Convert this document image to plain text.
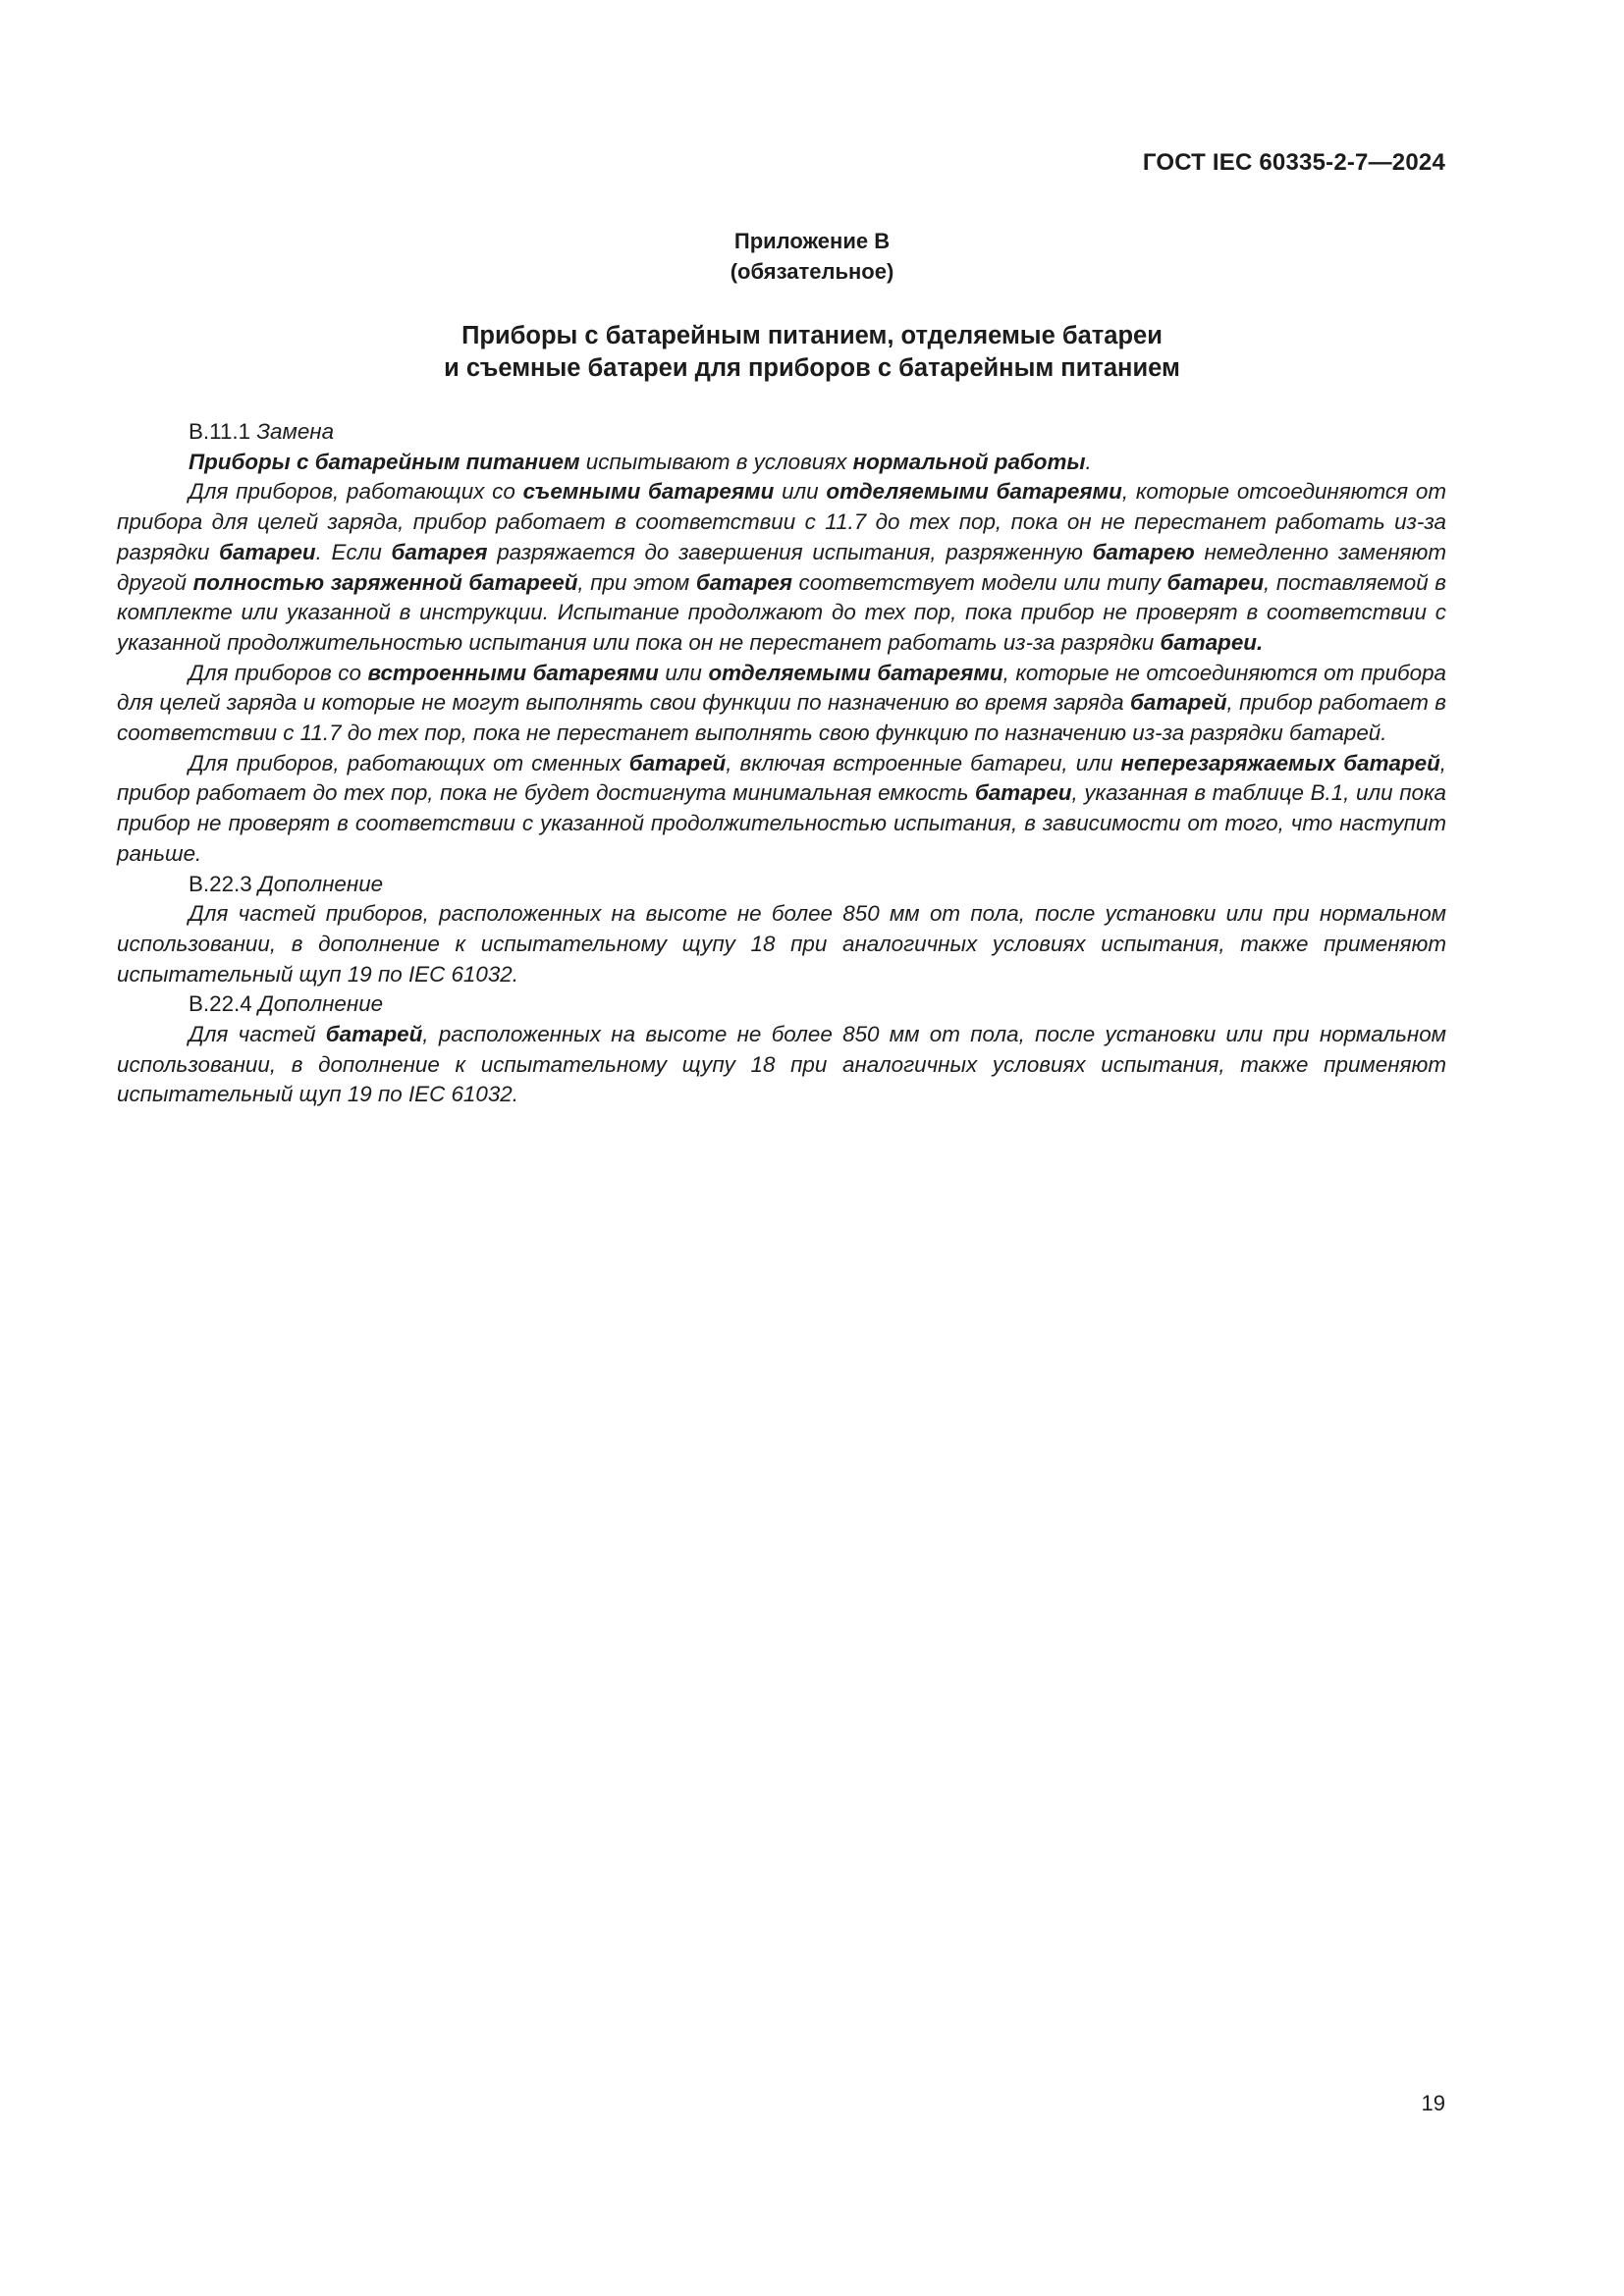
ГОСТ IEC 60335-2-7—2024
Приложение В
(обязательное)
Приборы с батарейным питанием, отделяемые батареи
и съемные батареи для приборов с батарейным питанием

В.11.1 Замена

Приборы с батарейным питанием испытывают в условиях нормальной работы.

Для приборов, работающих со съемными батареями или отделяемыми батареями, которые отсоединяются от прибора для целей заряда, прибор работает в соответствии с 11.7 до тех пор, пока он не перестанет работать из-за разрядки батареи. Если батарея разряжается до завершения испытания, разряженную батарею немедленно заменяют другой полностью заряженной батареей, при этом батарея соответствует модели или типу батареи, поставляемой в комплекте или указанной в инструкции. Испытание продолжают до тех пор, пока прибор не проверят в соответствии с указанной продолжительностью испытания или пока он не перестанет работать из-за разрядки батареи.

Для приборов со встроенными батареями или отделяемыми батареями, которые не отсоединяются от прибора для целей заряда и которые не могут выполнять свои функции по назначению во время заряда батарей, прибор работает в соответствии с 11.7 до тех пор, пока не перестанет выполнять свою функцию по назначению из-за разрядки батарей.

Для приборов, работающих от сменных батарей, включая встроенные батареи, или неперезаряжаемых батарей, прибор работает до тех пор, пока не будет достигнута минимальная емкость батареи, указанная в таблице В.1, или пока прибор не проверят в соответствии с указанной продолжительностью испытания, в зависимости от того, что наступит раньше.

В.22.3 Дополнение

Для частей приборов, расположенных на высоте не более 850 мм от пола, после установки или при нормальном использовании, в дополнение к испытательному щупу 18 при аналогичных условиях испытания, также применяют испытательный щуп 19 по IEC 61032.

В.22.4 Дополнение

Для частей батарей, расположенных на высоте не более 850 мм от пола, после установки или при нормальном использовании, в дополнение к испытательному щупу 18 при аналогичных условиях испытания, также применяют испытательный щуп 19 по IEC 61032.

19
